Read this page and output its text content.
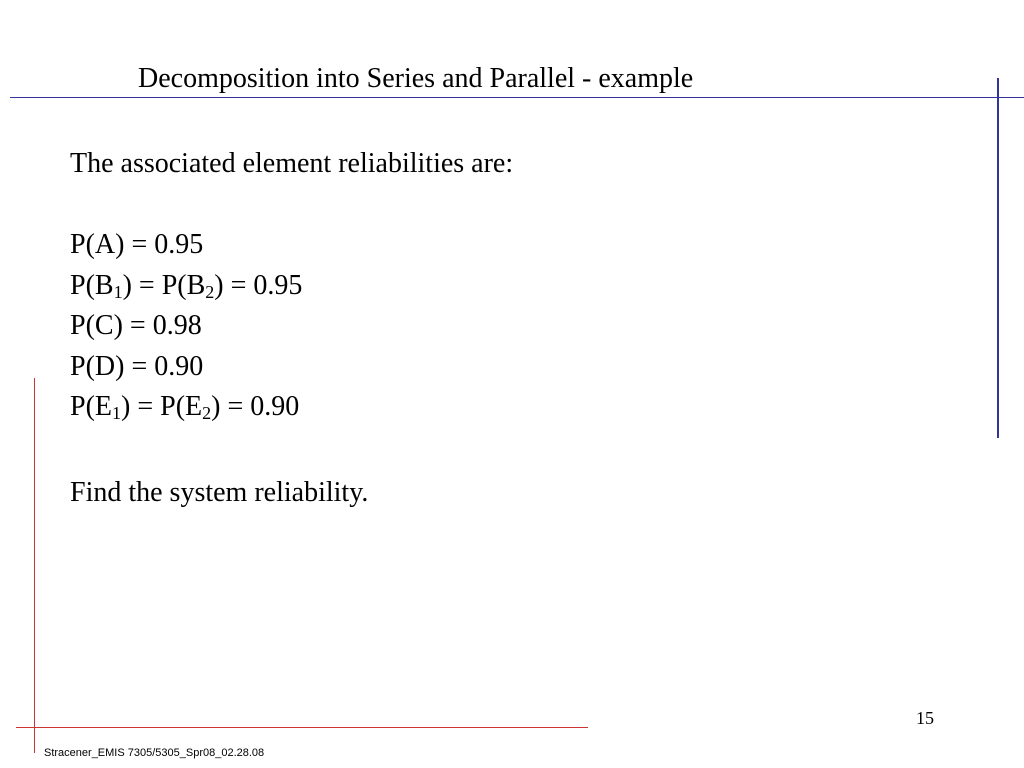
Decomposition into Series and Parallel - example
The associated element reliabilities are:
P(A) = 0.95
$P(B_1) = P(B_2) = 0.95$
P(C) = 0.98
P(D) = 0.90
$P(E_1) = P(E_2) = 0.90$
Find the system reliability.
15
Stracener_EMIS 7305/5305_Spr08_02.28.08
